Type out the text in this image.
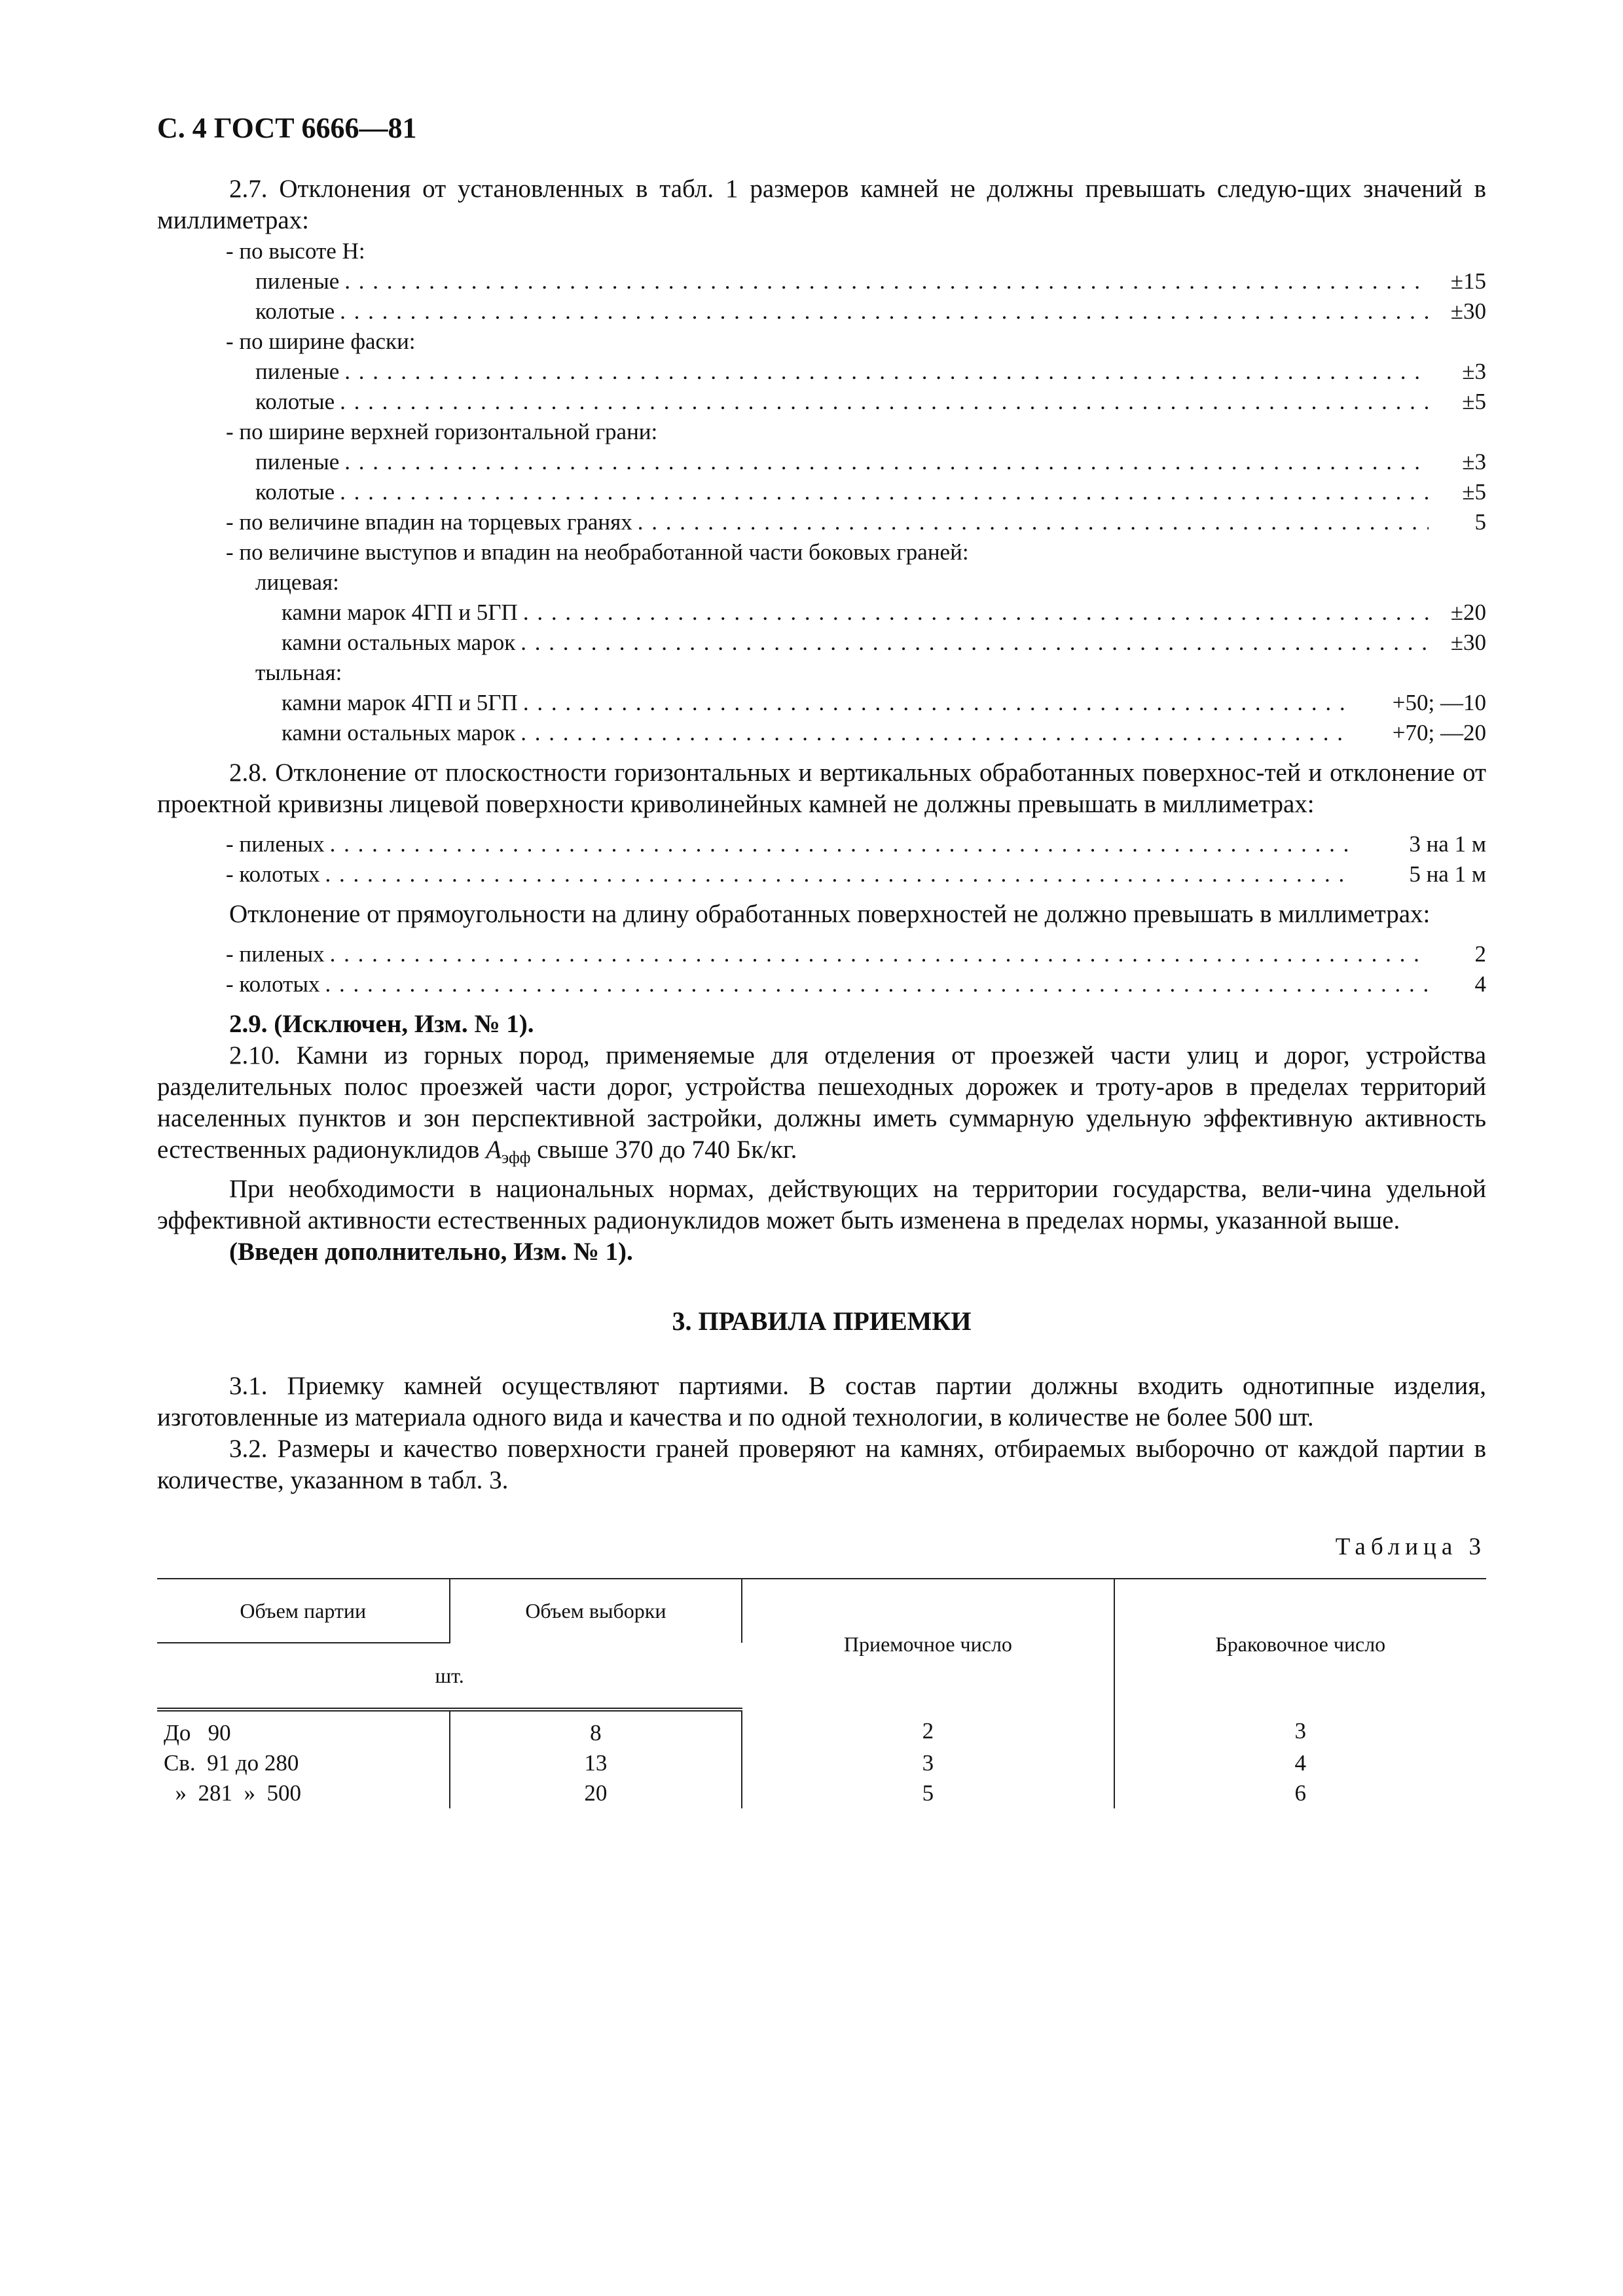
С. 4 ГОСТ 6666—81

2.7. Отклонения от установленных в табл. 1 размеров камней не должны превышать следую-щих значений в миллиметрах:

- по высоте H:
пиленые . . .	±15
колотые . . .	±30
- по ширине фаски:
пиленые . . .	±3
колотые . . .	±5
- по ширине верхней горизонтальной грани:
пиленые . . .	±3
колотые . . .	±5
- по величине впадин на торцевых гранях . . .	5
- по величине выступов и впадин на необработанной части боковых граней:
лицевая:
камни марок 4ГП и 5ГП . . .	±20
камни остальных марок . . .	±30
тыльная:
камни марок 4ГП и 5ГП . . .	+50; —10
камни остальных марок . . .	+70; —20

2.8. Отклонение от плоскостности горизонтальных и вертикальных обработанных поверхнос-тей и отклонение от проектной кривизны лицевой поверхности криволинейных камней не должны превышать в миллиметрах:

- пиленых . . .	3 на 1 м
- колотых . . .	5 на 1 м

Отклонение от прямоугольности на длину обработанных поверхностей не должно превышать в миллиметрах:

- пиленых . . .	2
- колотых . . .	4

2.9. (Исключен, Изм. № 1).

2.10. Камни из горных пород, применяемые для отделения от проезжей части улиц и дорог, устройства разделительных полос проезжей части дорог, устройства пешеходных дорожек и троту-аров в пределах территорий населенных пунктов и зон перспективной застройки, должны иметь суммарную удельную эффективную активность естественных радионуклидов $A_{эфф}$ свыше 370 до 740 Бк/кг.

При необходимости в национальных нормах, действующих на территории государства, вели-чина удельной эффективной активности естественных радионуклидов может быть изменена в пределах нормы, указанной выше.

(Введен дополнительно, Изм. № 1).

3. ПРАВИЛА ПРИЕМКИ

3.1. Приемку камней осуществляют партиями. В состав партии должны входить однотипные изделия, изготовленные из материала одного вида и качества и по одной технологии, в количестве не более 500 шт.

3.2. Размеры и качество поверхности граней проверяют на камнях, отбираемых выборочно от каждой партии в количестве, указанном в табл. 3.

Таблица 3
Объем партии	Объем выборки	Приемочное число	Браковочное число
шт.			
До   90	8	2	3
Св.  91 до 280	13	3	4
»  281  »  500	20	5	6
